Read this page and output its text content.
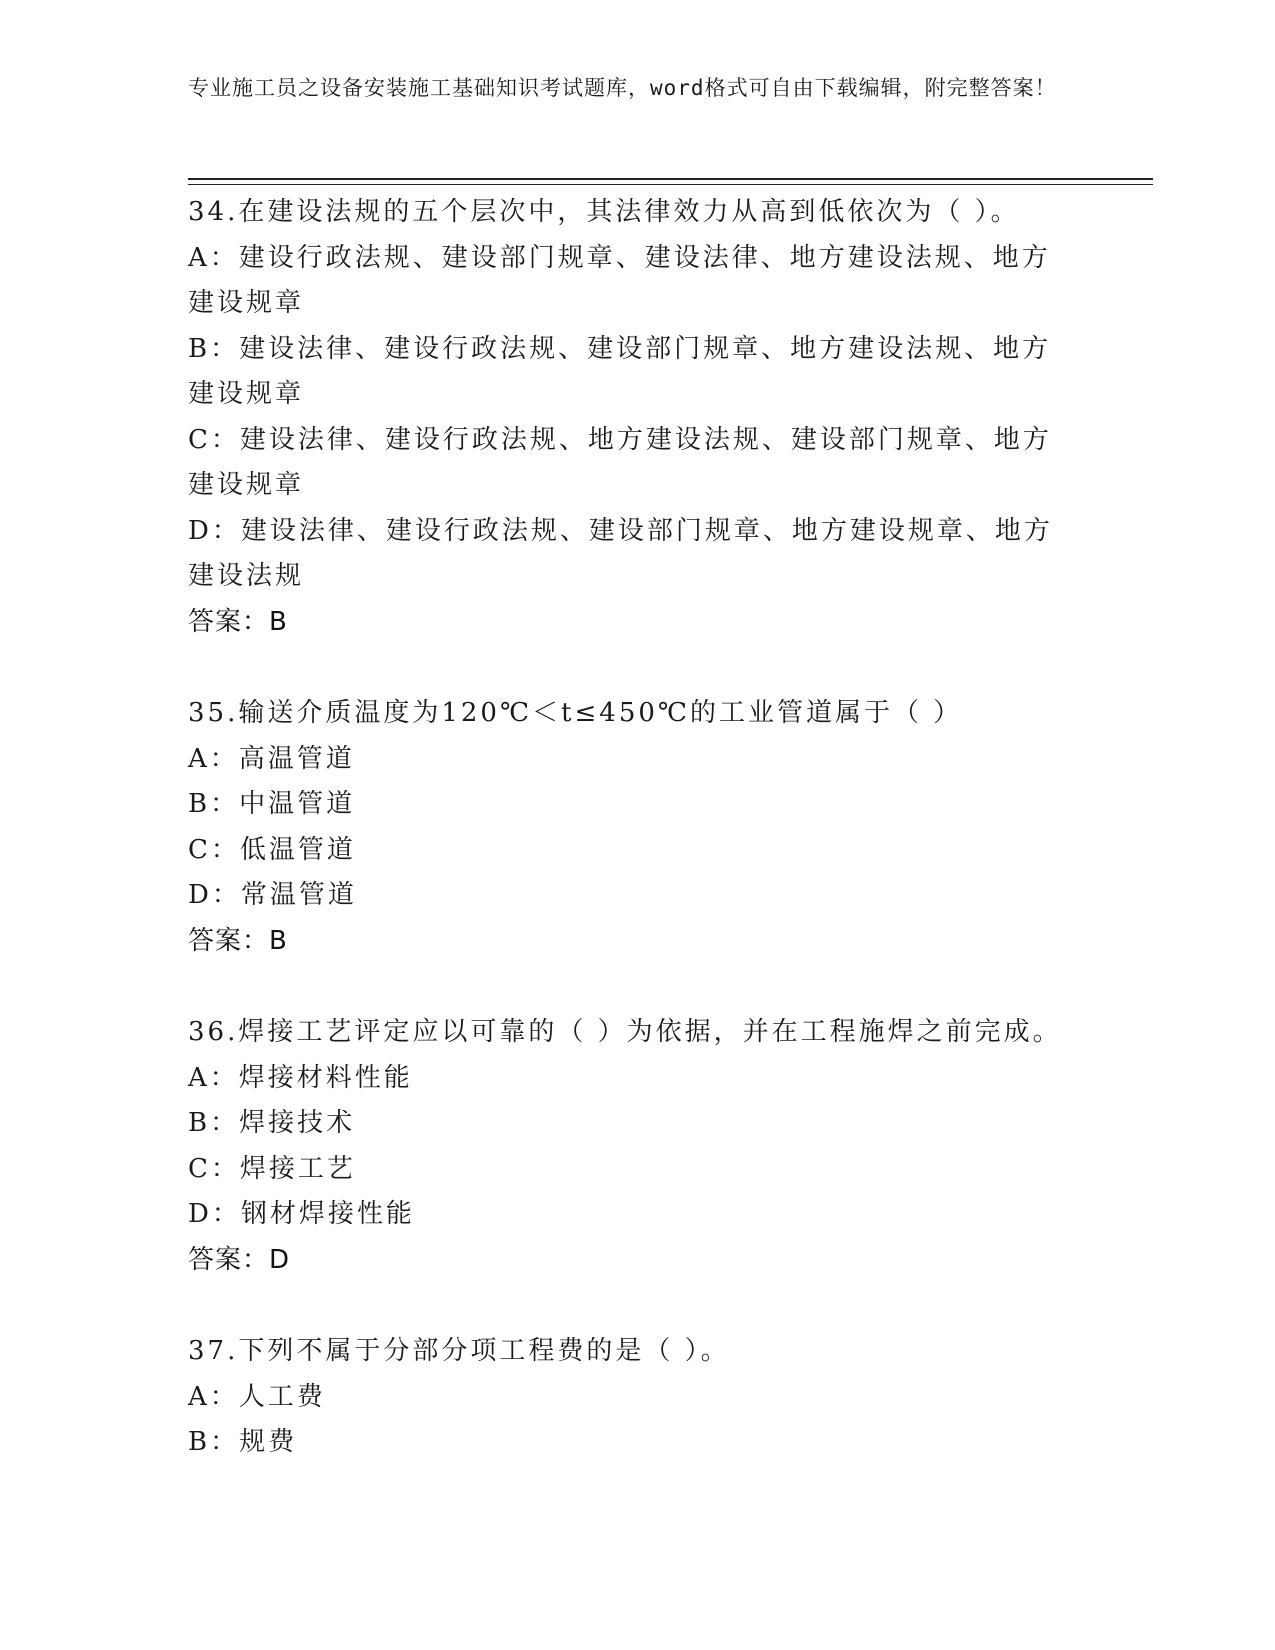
专业施工员之设备安装施工基础知识考试题库，word格式可自由下载编辑，附完整答案！
34.在建设法规的五个层次中，其法律效力从高到低依次为（ ）。
A：建设行政法规、建设部门规章、建设法律、地方建设法规、地方建设规章
B：建设法律、建设行政法规、建设部门规章、地方建设法规、地方建设规章
C：建设法律、建设行政法规、地方建设法规、建设部门规章、地方建设规章
D：建设法律、建设行政法规、建设部门规章、地方建设规章、地方建设法规
答案：B
35.输送介质温度为120℃＜t≤450℃的工业管道属于（ ）
A：高温管道
B：中温管道
C：低温管道
D：常温管道
答案：B
36.焊接工艺评定应以可靠的（ ）为依据，并在工程施焊之前完成。
A：焊接材料性能
B：焊接技术
C：焊接工艺
D：钢材焊接性能
答案：D
37.下列不属于分部分项工程费的是（ ）。
A：人工费
B：规费
